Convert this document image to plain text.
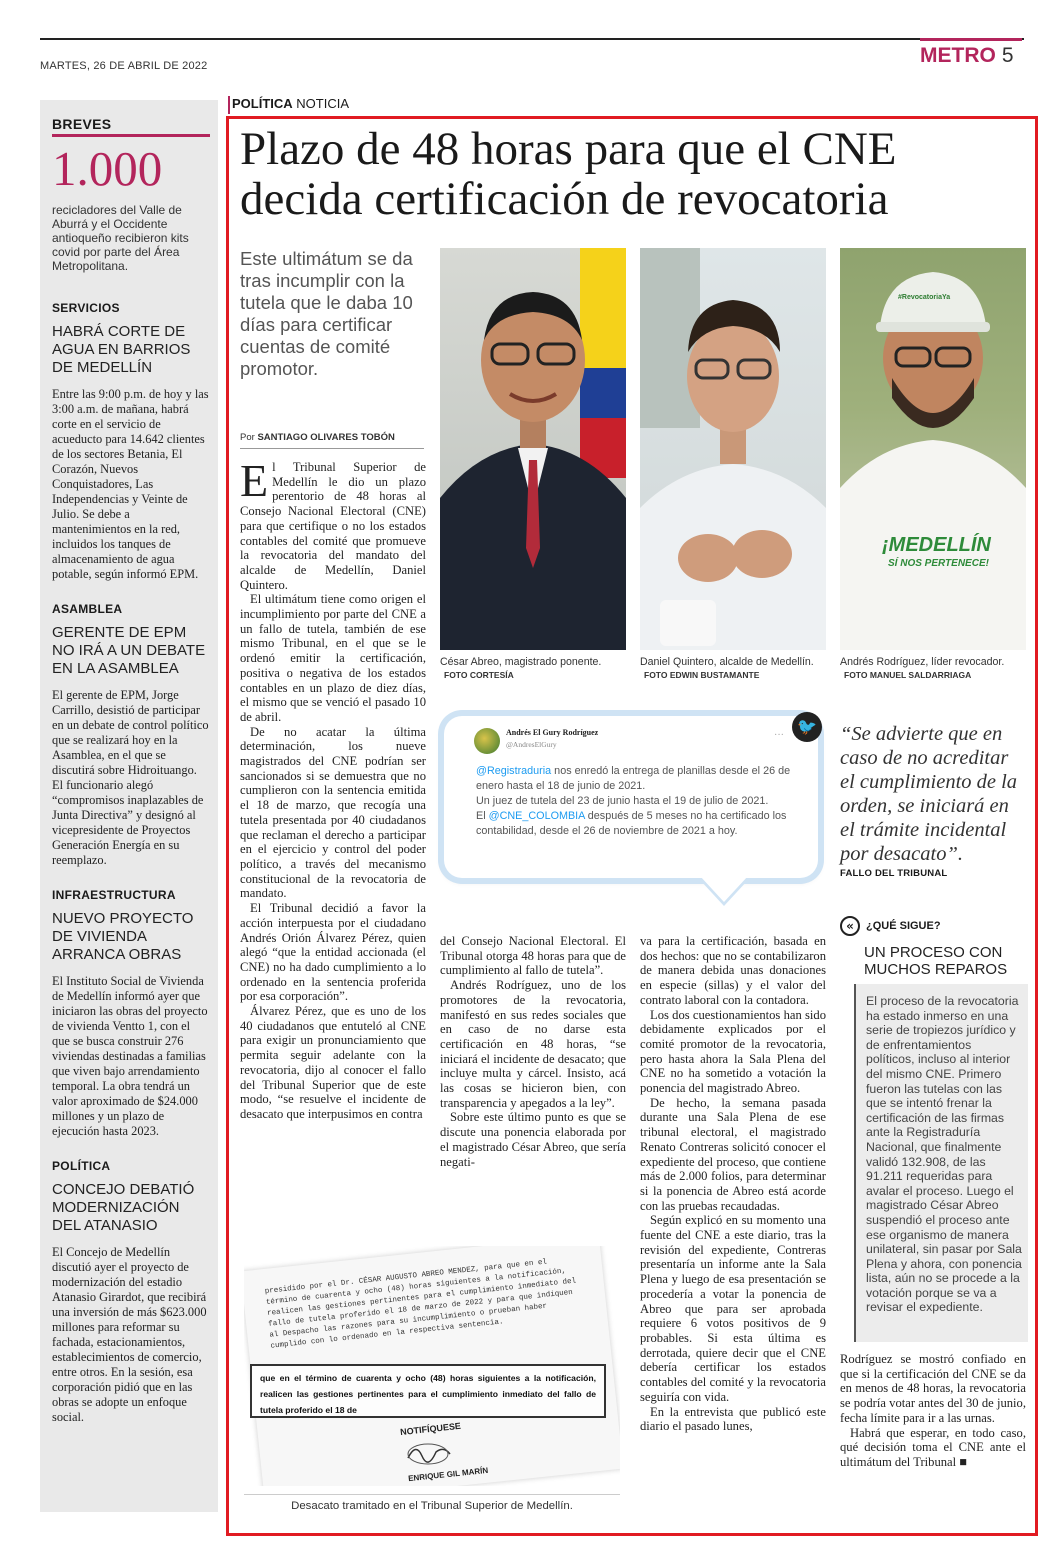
MARTES, 26 DE ABRIL DE 2022	METRO 5
BREVES
1.000
recicladores del Valle de Aburrá y el Occidente antioqueño recibieron kits covid por parte del Área Metropolitana.
SERVICIOS
HABRÁ CORTE DE AGUA EN BARRIOS DE MEDELLÍN
Entre las 9:00 p.m. de hoy y las 3:00 a.m. de mañana, habrá corte en el servicio de acueducto para 14.642 clientes de los sectores Betania, El Corazón, Nuevos Conquistadores, Las Independencias y Veinte de Julio. Se debe a mantenimientos en la red, incluidos los tanques de almacenamiento de agua potable, según informó EPM.
ASAMBLEA
GERENTE DE EPM NO IRÁ A UN DEBATE EN LA ASAMBLEA
El gerente de EPM, Jorge Carrillo, desistió de participar en un debate de control político que se realizará hoy en la Asamblea, en el que se discutirá sobre Hidroituango. El funcionario alegó “compromisos inaplazables de Junta Directiva” y designó al vicepresidente de Proyectos Generación Energía en su reemplazo.
INFRAESTRUCTURA
NUEVO PROYECTO DE VIVIENDA ARRANCA OBRAS
El Instituto Social de Vivienda de Medellín informó ayer que iniciaron las obras del proyecto de vivienda Ventto 1, con el que se busca construir 276 viviendas destinadas a familias que viven bajo arrendamiento temporal. La obra tendrá un valor aproximado de $24.000 millones y un plazo de ejecución hasta 2023.
POLÍTICA
CONCEJO DEBATIÓ MODERNIZACIÓN DEL ATANASIO
El Concejo de Medellín discutió ayer el proyecto de modernización del estadio Atanasio Girardot, que recibirá una inversión de más $623.000 millones para reformar su fachada, estacionamientos, establecimientos de comercio, entre otros. En la sesión, esa corporación pidió que en las obras se adopte un enfoque social.
POLÍTICA NOTICIA
Plazo de 48 horas para que el CNE decida certificación de revocatoria
Este ultimátum se da tras incumplir con la tutela que le daba 10 días para certificar cuentas de comité promotor.
Por SANTIAGO OLIVARES TOBÓN

El Tribunal Superior de Medellín le dio un plazo perentorio de 48 horas al Consejo Nacional Electoral (CNE) para que certifique o no los estados contables del comité que promueve la revocatoria del mandato del alcalde de Medellín, Daniel Quintero.

El ultimátum tiene como origen el incumplimiento por parte del CNE a un fallo de tutela, también de ese mismo Tribunal, en el que se le ordenó emitir la certificación, positiva o negativa de los estados contables en un plazo de diez días, el mismo que se venció el pasado 10 de abril.

De no acatar la última determinación, los nueve magistrados del CNE podrían ser sancionados si se demuestra que no cumplieron con la sentencia emitida el 18 de marzo, que recogía una tutela presentada por 40 ciudadanos que reclaman el derecho a participar en el ejercicio y control del poder político, a través del mecanismo constitucional de la revocatoria de mandato.

El Tribunal decidió a favor la acción interpuesta por el ciudadano Andrés Orión Álvarez Pérez, quien alegó “que la entidad accionada (el CNE) no ha dado cumplimiento a lo ordenado en la sentencia proferida por esa corporación”.

Álvarez Pérez, que es uno de los 40 ciudadanos que entuteló al CNE para exigir un pronunciamiento que permita seguir adelante con la revocatoria, dijo al conocer el fallo del Tribunal Superior que de este modo, “se resuelve el incidente de desacato que interpusimos en contra

del Consejo Nacional Electoral. El Tribunal otorga 48 horas para que de cumplimiento al fallo de tutela”.

Andrés Rodríguez, uno de los promotores de la revocatoria, manifestó en sus redes sociales que en caso de no darse esta certificación en 48 horas, “se iniciará el incidente de desacato; que incluye multa y cárcel. Insisto, acá las cosas se hicieron bien, con transparencia y apegados a la ley”.

Sobre este último punto es que se discute una ponencia elaborada por el magistrado César Abreo, que sería negati-

va para la certificación, basada en dos hechos: que no se contabilizaron de manera debida unas donaciones en especie (sillas) y el valor del contrato laboral con la contadora.

Los dos cuestionamientos han sido debidamente explicados por el comité promotor de la revocatoria, pero hasta ahora la Sala Plena del CNE no ha sometido a votación la ponencia del magistrado Abreo.

De hecho, la semana pasada durante una Sala Plena de ese tribunal electoral, el magistrado Renato Contreras solicitó conocer el expediente del proceso, que contiene más de 2.000 folios, para determinar si la ponencia de Abreo está acorde con las pruebas recaudadas.

Según explicó en su momento una fuente del CNE a este diario, tras la revisión del expediente, Contreras presentaría un informe ante la Sala Plena y luego de esa presentación se procedería a votar la ponencia de Abreo que para ser aprobada requiere 6 votos positivos de 9 probables. Si esta última es derrotada, quiere decir que el CNE debería certificar los estados contables del comité y la revocatoria seguiría con vida.

En la entrevista que publicó este diario el pasado lunes,

Rodríguez se mostró confiado en que si la certificación del CNE se da en menos de 48 horas, la revocatoria se podría votar antes del 30 de junio, fecha límite para ir a las urnas.

Habrá que esperar, en todo caso, qué decisión toma el CNE ante el ultimátum del Tribunal ■

César Abreo, magistrado ponente. FOTO CORTESÍA
Daniel Quintero, alcalde de Medellín. FOTO EDWIN BUSTAMANTE
#RevocatoriaYa
¡MEDELLÍN
SÍ NOS PERTENECE!
Andrés Rodríguez, líder revocador. FOTO MANUEL SALDARRIAGA
Andrés El Gury Rodríguez
@AndresElGury
···
@Registraduria nos enredó la entrega de planillas desde el 26 de enero hasta el 18 de junio de 2021.
Un juez de tutela del 23 de junio hasta el 19 de julio de 2021.
El @CNE_COLOMBIA después de 5 meses no ha certificado los contabilidad, desde el 26 de noviembre de 2021 a hoy.
🐦 “Se advierte que en caso de no acreditar el cumplimiento de la orden, se iniciará en el trámite incidental por desacato”.
FALLO DEL TRIBUNAL
«	¿QUÉ SIGUE?
UN PROCESO CON MUCHOS REPAROS
El proceso de la revocatoria ha estado inmerso en una serie de tropiezos jurídico y de enfrentamientos políticos, incluso al interior del mismo CNE. Primero fueron las tutelas con las que se intentó frenar la certificación de las firmas ante la Registraduría Nacional, que finalmente validó 132.908, de las 91.211 requeridas para avalar el proceso. Luego el magistrado César Abreo suspendió el proceso ante ese organismo de manera unilateral, sin pasar por Sala Plena y ahora, con ponencia lista, aún no se procede a la votación porque se va a revisar el expediente.
presidido por el Dr. CÉSAR AUGUSTO ABREO MENDEZ, para que en el término de cuarenta y ocho (48) horas siguientes a la notificación, realicen las gestiones pertinentes para el cumplimiento inmediato del fallo de tutela proferido el 18 de marzo de 2022 y para que indiquen al Despacho las razones para su incumplimiento o prueban haber cumplido con lo ordenado en la respectiva sentencia.
que en el término de cuarenta y ocho (48) horas siguientes a la notificación, realicen las gestiones pertinentes para el cumplimiento inmediato del fallo de tutela proferido el 18 de
NOTIFÍQUESE
ENRIQUE GIL MARÍN
Desacato tramitado en el Tribunal Superior de Medellín.
